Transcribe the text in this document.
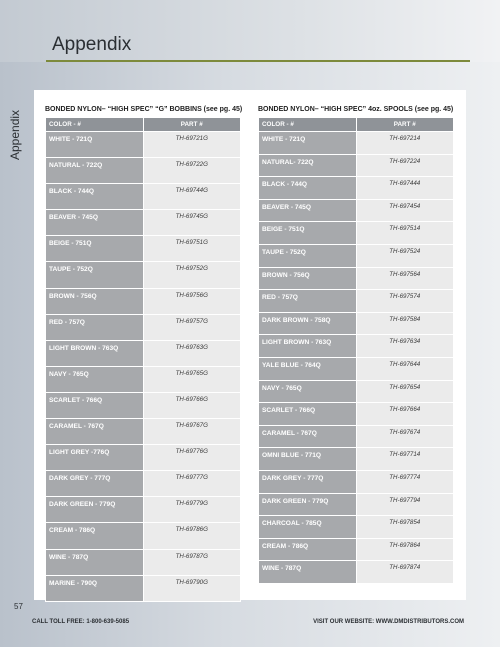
Appendix
Appendix
BONDED NYLON– “HIGH SPEC” “G” BOBBINS (see pg. 45)
COLOR - #	PART #
WHITE - 721Q	TH-69721G
NATURAL - 722Q	TH-69722G
BLACK - 744Q	TH-69744G
BEAVER - 745Q	TH-69745G
BEIGE - 751Q	TH-69751G
TAUPE - 752Q	TH-69752G
BROWN - 756Q	TH-69756G
RED - 757Q	TH-69757G
LIGHT BROWN - 763Q	TH-69763G
NAVY - 765Q	TH-69765G
SCARLET - 766Q	TH-69766G
CARAMEL - 767Q	TH-69767G
LIGHT GREY -776Q	TH-69776G
DARK GREY - 777Q	TH-69777G
DARK GREEN - 779Q	TH-69779G
CREAM - 786Q	TH-69786G
WINE - 787Q	TH-69787G
MARINE - 790Q	TH-69790G
BONDED NYLON– “HIGH SPEC” 4oz. SPOOLS (see pg. 45)
COLOR - #	PART #
WHITE - 721Q	TH-697214
NATURAL- 722Q	TH-697224
BLACK - 744Q	TH-697444
BEAVER - 745Q	TH-697454
BEIGE - 751Q	TH-697514
TAUPE - 752Q	TH-697524
BROWN - 756Q	TH-697564
RED - 757Q	TH-697574
DARK BROWN - 758Q	TH-697584
LIGHT BROWN - 763Q	TH-697634
YALE BLUE - 764Q	TH-697644
NAVY - 765Q	TH-697654
SCARLET - 766Q	TH-697664
CARAMEL - 767Q	TH-697674
OMNI BLUE - 771Q	TH-697714
DARK GREY - 777Q	TH-697774
DARK GREEN - 779Q	TH-697794
CHARCOAL - 785Q	TH-697854
CREAM - 786Q	TH-697864
WINE - 787Q	TH-697874
57
CALL TOLL FREE: 1-800-639-5085	VISIT OUR WEBSITE: WWW.DMDISTRIBUTORS.COM
